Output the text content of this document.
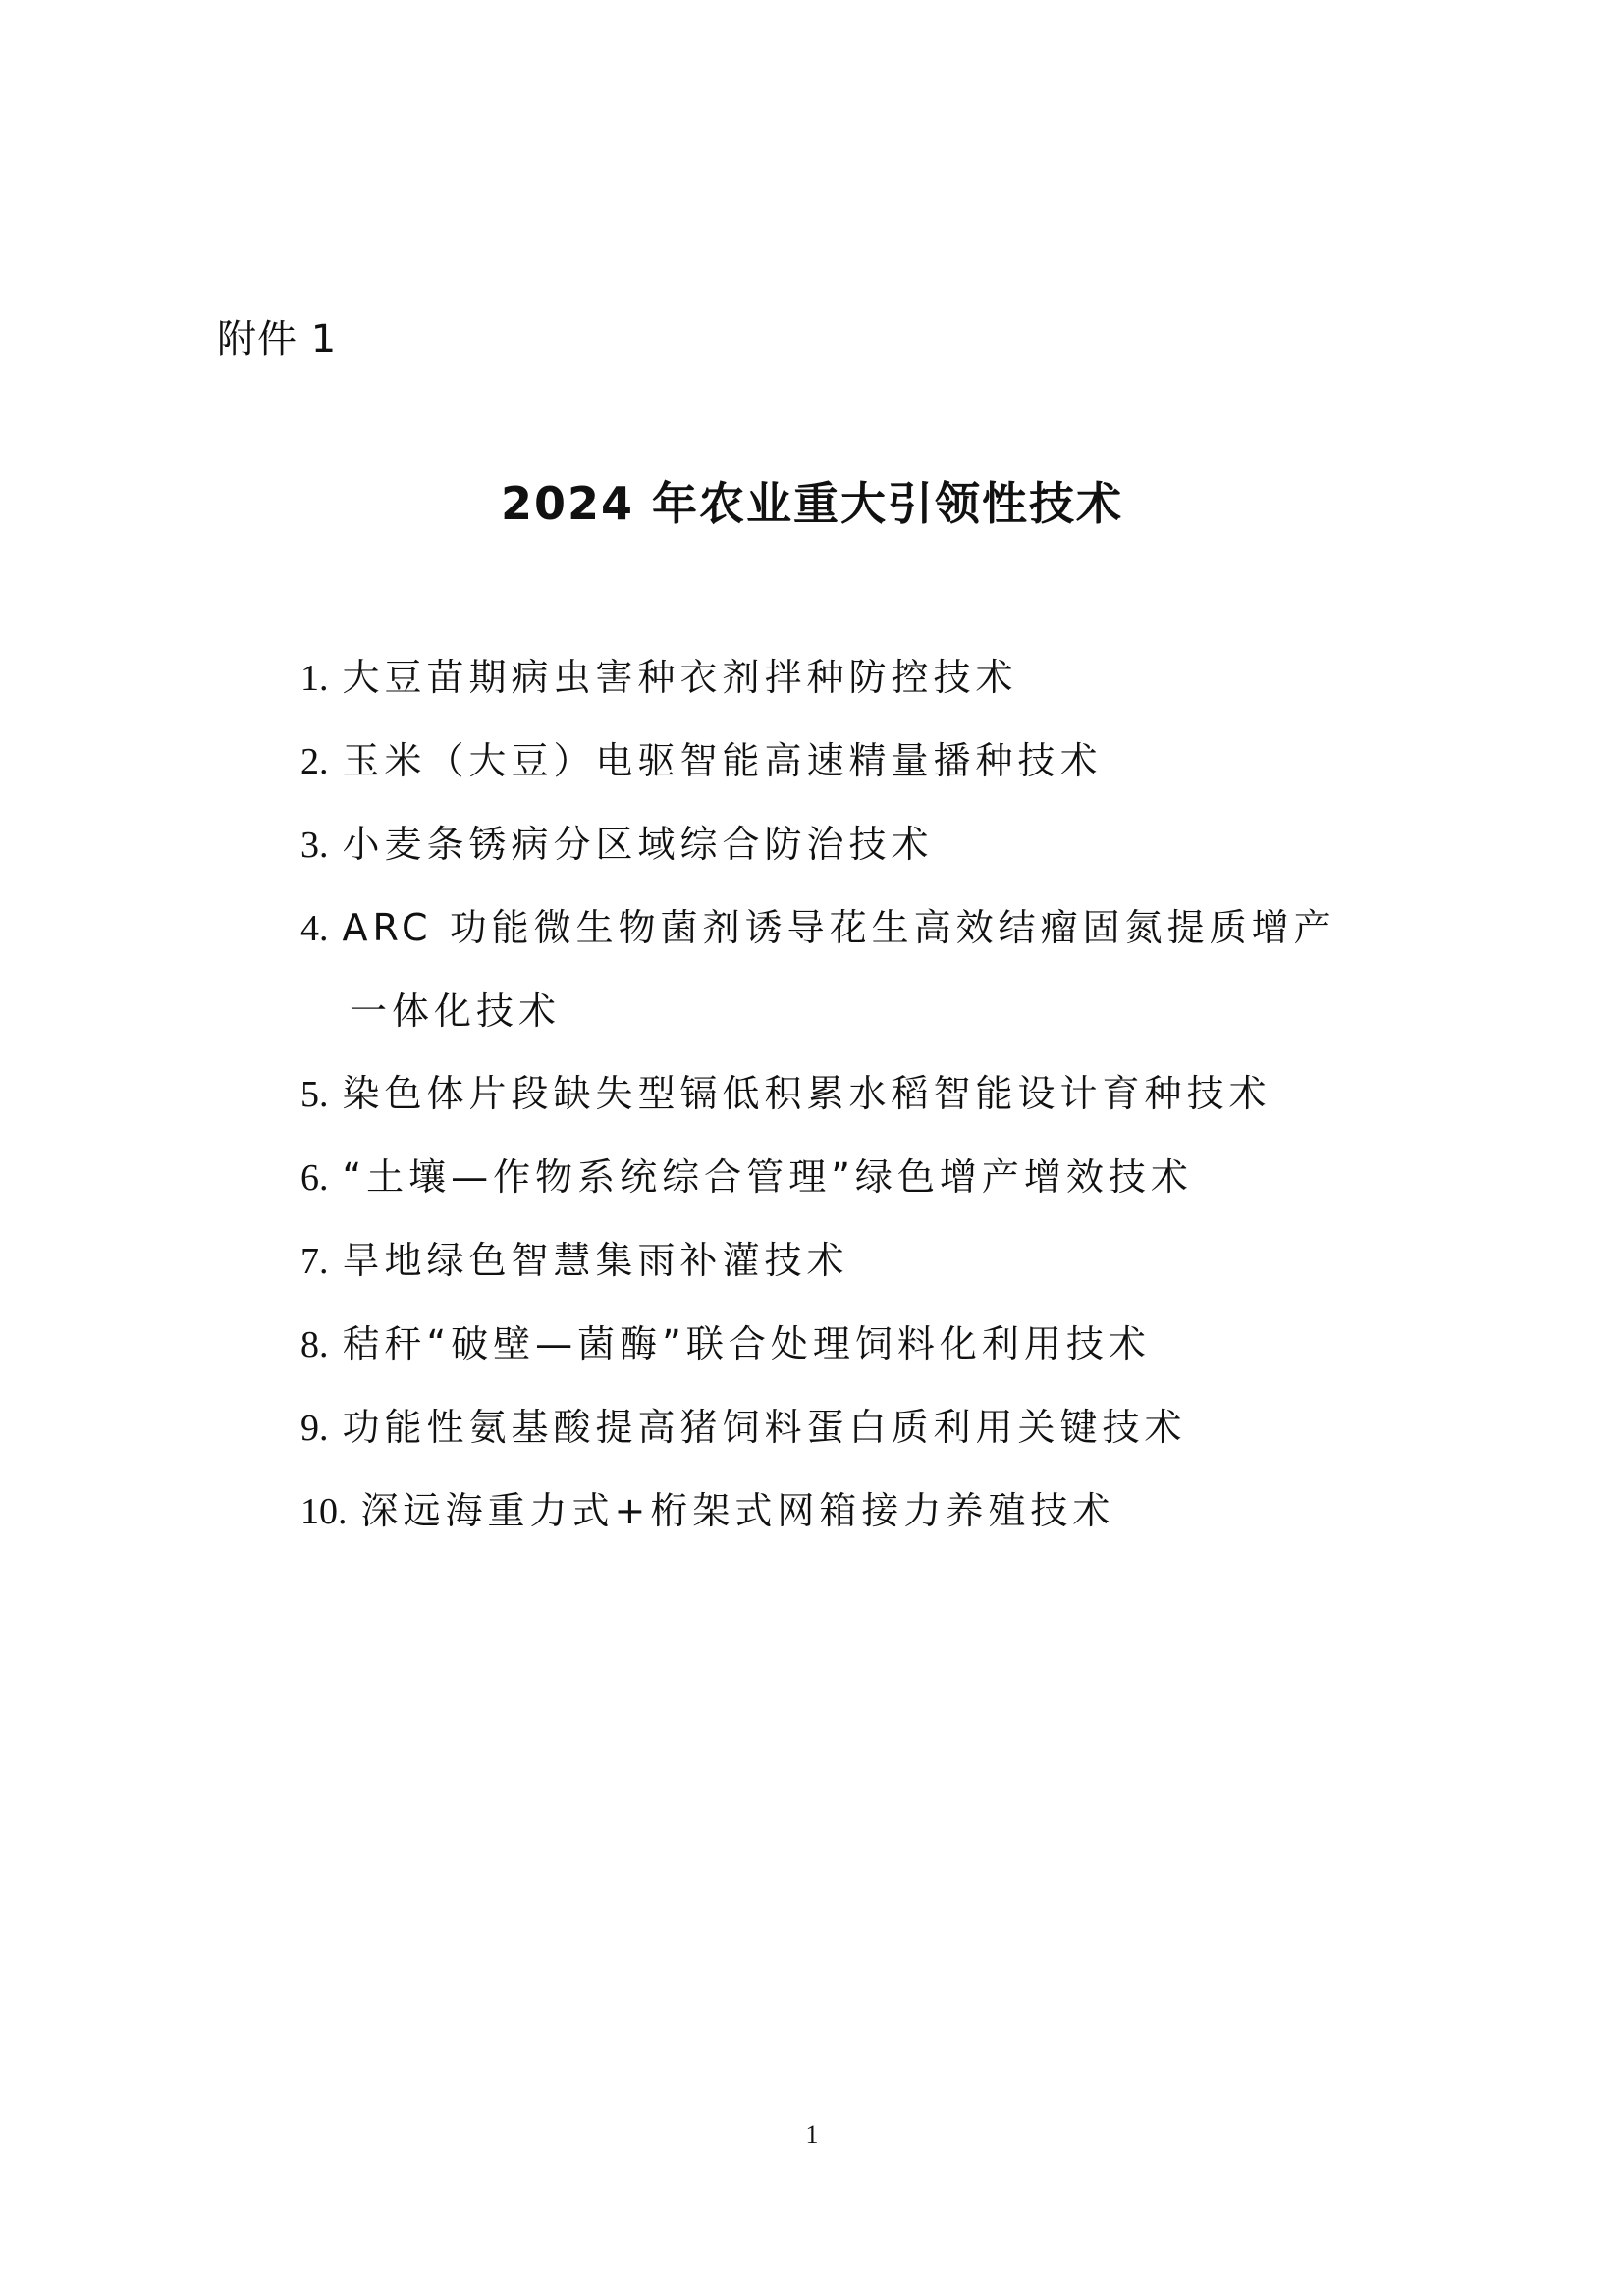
附件 1
2024 年农业重大引领性技术
1. 大豆苗期病虫害种衣剂拌种防控技术
2. 玉米（大豆）电驱智能高速精量播种技术
3. 小麦条锈病分区域综合防治技术
4. ARC 功能微生物菌剂诱导花生高效结瘤固氮提质增产
一体化技术
5. 染色体片段缺失型镉低积累水稻智能设计育种技术
6. “土壤—作物系统综合管理”绿色增产增效技术
7. 旱地绿色智慧集雨补灌技术
8. 秸秆“破壁—菌酶”联合处理饲料化利用技术
9. 功能性氨基酸提高猪饲料蛋白质利用关键技术
10. 深远海重力式+桁架式网箱接力养殖技术
1
